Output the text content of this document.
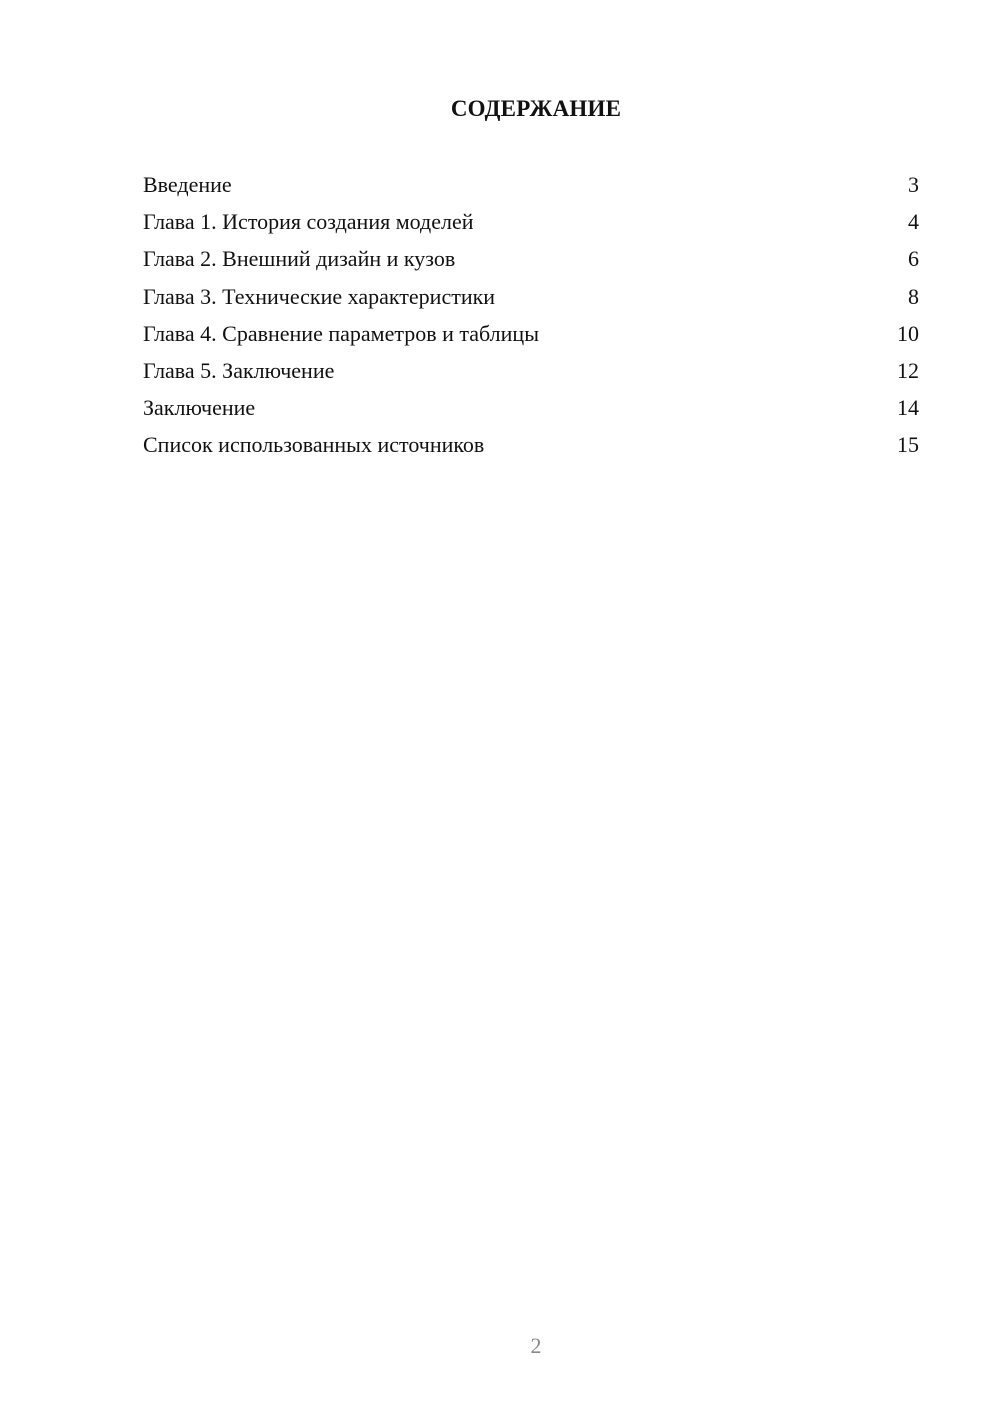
СОДЕРЖАНИЕ
Введение	3
Глава 1. История создания моделей	4
Глава 2. Внешний дизайн и кузов	6
Глава 3. Технические характеристики	8
Глава 4. Сравнение параметров и таблицы	10
Глава 5. Заключение	12
Заключение	14
Список использованных источников	15
2
